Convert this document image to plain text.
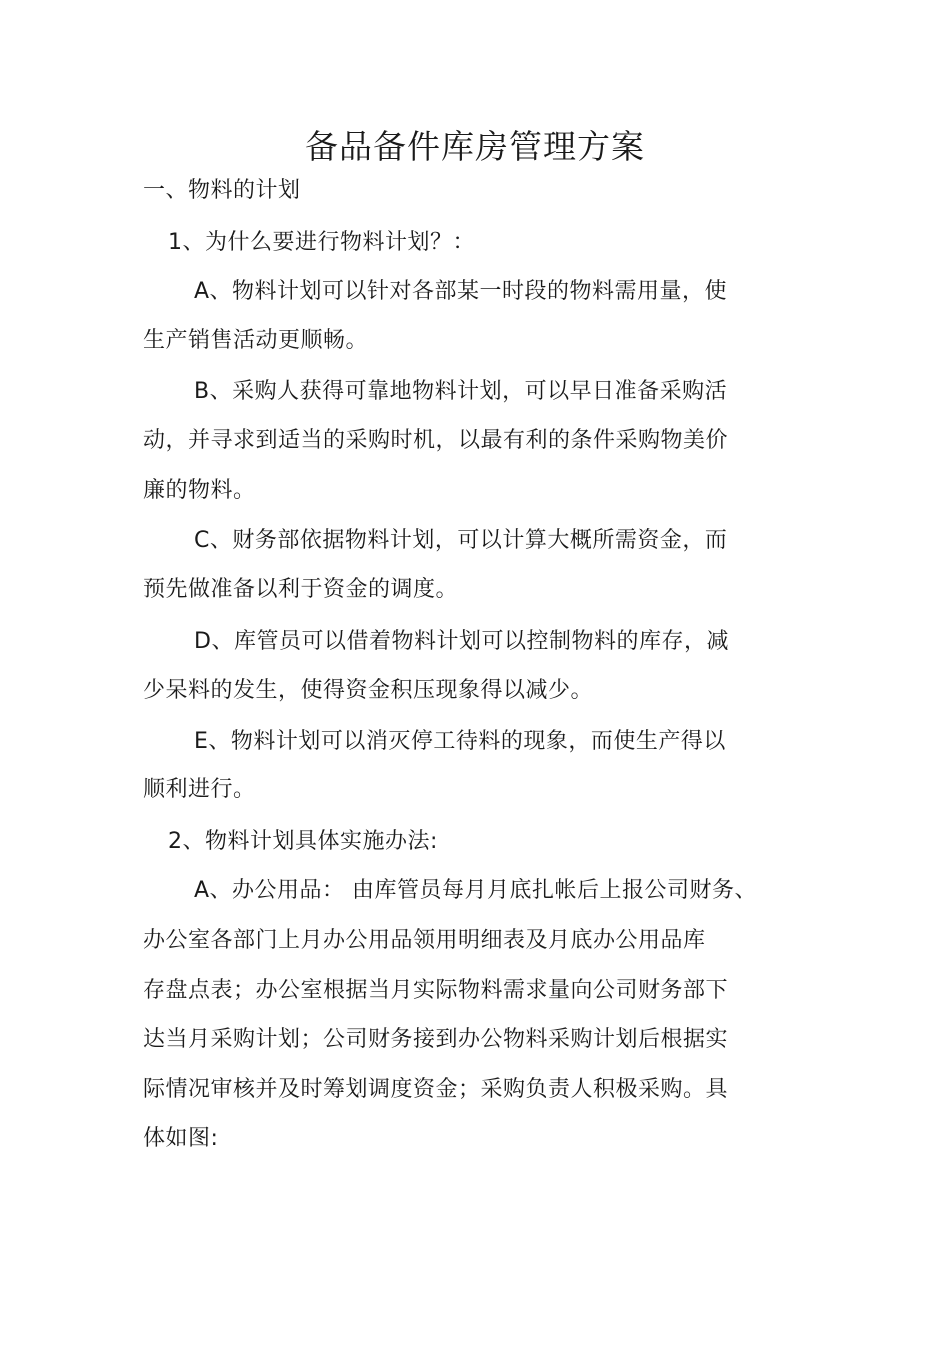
备品备件库房管理方案
一、物料的计划
1、为什么要进行物料计划？：
A、物料计划可以针对各部某一时段的物料需用量，使
生产销售活动更顺畅。
B、采购人获得可靠地物料计划，可以早日准备采购活
动，并寻求到适当的采购时机，以最有利的条件采购物美价
廉的物料。
C、财务部依据物料计划，可以计算大概所需资金，而
预先做准备以利于资金的调度。
D、库管员可以借着物料计划可以控制物料的库存，减
少呆料的发生，使得资金积压现象得以减少。
E、物料计划可以消灭停工待料的现象，而使生产得以
顺利进行。
2、物料计划具体实施办法:
A、办公用品： 由库管员每月月底扎帐后上报公司财务、
办公室各部门上月办公用品领用明细表及月底办公用品库
存盘点表；办公室根据当月实际物料需求量向公司财务部下
达当月采购计划；公司财务接到办公物料采购计划后根据实
际情况审核并及时筹划调度资金；采购负责人积极采购。具
体如图:
